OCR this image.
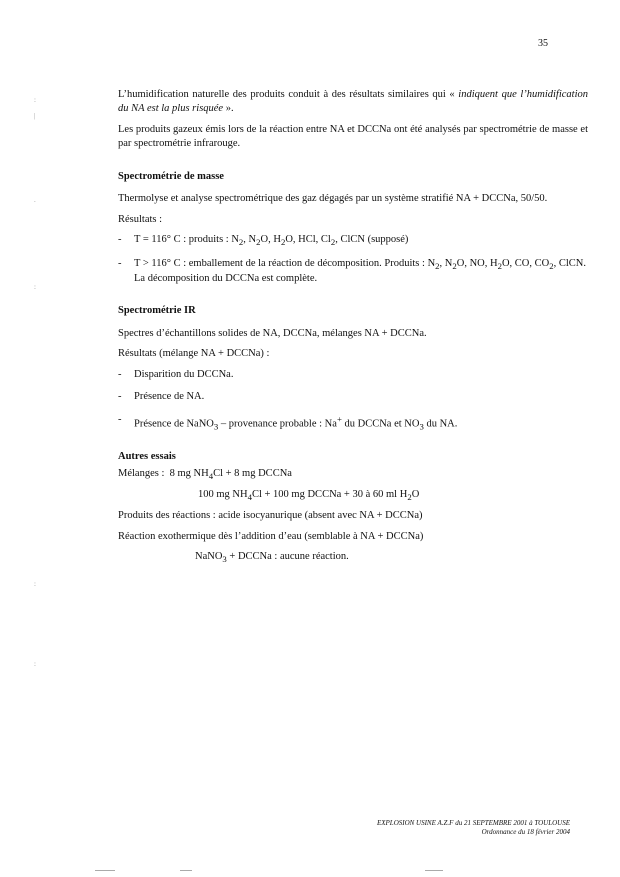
35

L’humidification naturelle des produits conduit à des résultats similaires qui « indiquent que l’humidification du NA est la plus risquée ».

Les produits gazeux émis lors de la réaction entre NA et DCCNa ont été analysés par spectrométrie de masse et par spectrométrie infrarouge.

Spectrométrie de masse

Thermolyse et analyse spectrométrique des gaz dégagés par un système stratifié NA + DCCNa, 50/50.

Résultats :

- T = 116° C : produits : $N_2$, $N_2O$, $H_2O$, HCl, $Cl_2$, ClCN (supposé)
- T > 116° C : emballement de la réaction de décomposition. Produits : $N_2$, $N_2O$, NO, $H_2O$, CO, $CO_2$, ClCN. La décomposition du DCCNa est complète.

Spectrométrie IR

Spectres d’échantillons solides de NA, DCCNa, mélanges NA + DCCNa.

Résultats (mélange NA + DCCNa) :

- Disparition du DCCNa.
- Présence de NA.
- Présence de NaNO$_3$ – provenance probable : Na+ du DCCNa et $NO_3$ du NA.

Autres essais

Mélanges : 8 mg $NH_4Cl + 8$ mg DCCNa

100 mg $NH_4Cl + 100$ mg DCCNa + 30 à 60 ml $H_2O$

Produits des réactions : acide isocyanurique (absent avec NA + DCCNa)

Réaction exothermique dès l’addition d’eau (semblable à NA + DCCNa)

NaNO$_3$ + DCCNa : aucune réaction.

EXPLOSION USINE A.Z.F du 21 SEPTEMBRE 2001 à TOULOUSE
Ordonnance du 18 février 2004
:
|
.
:
:
:
